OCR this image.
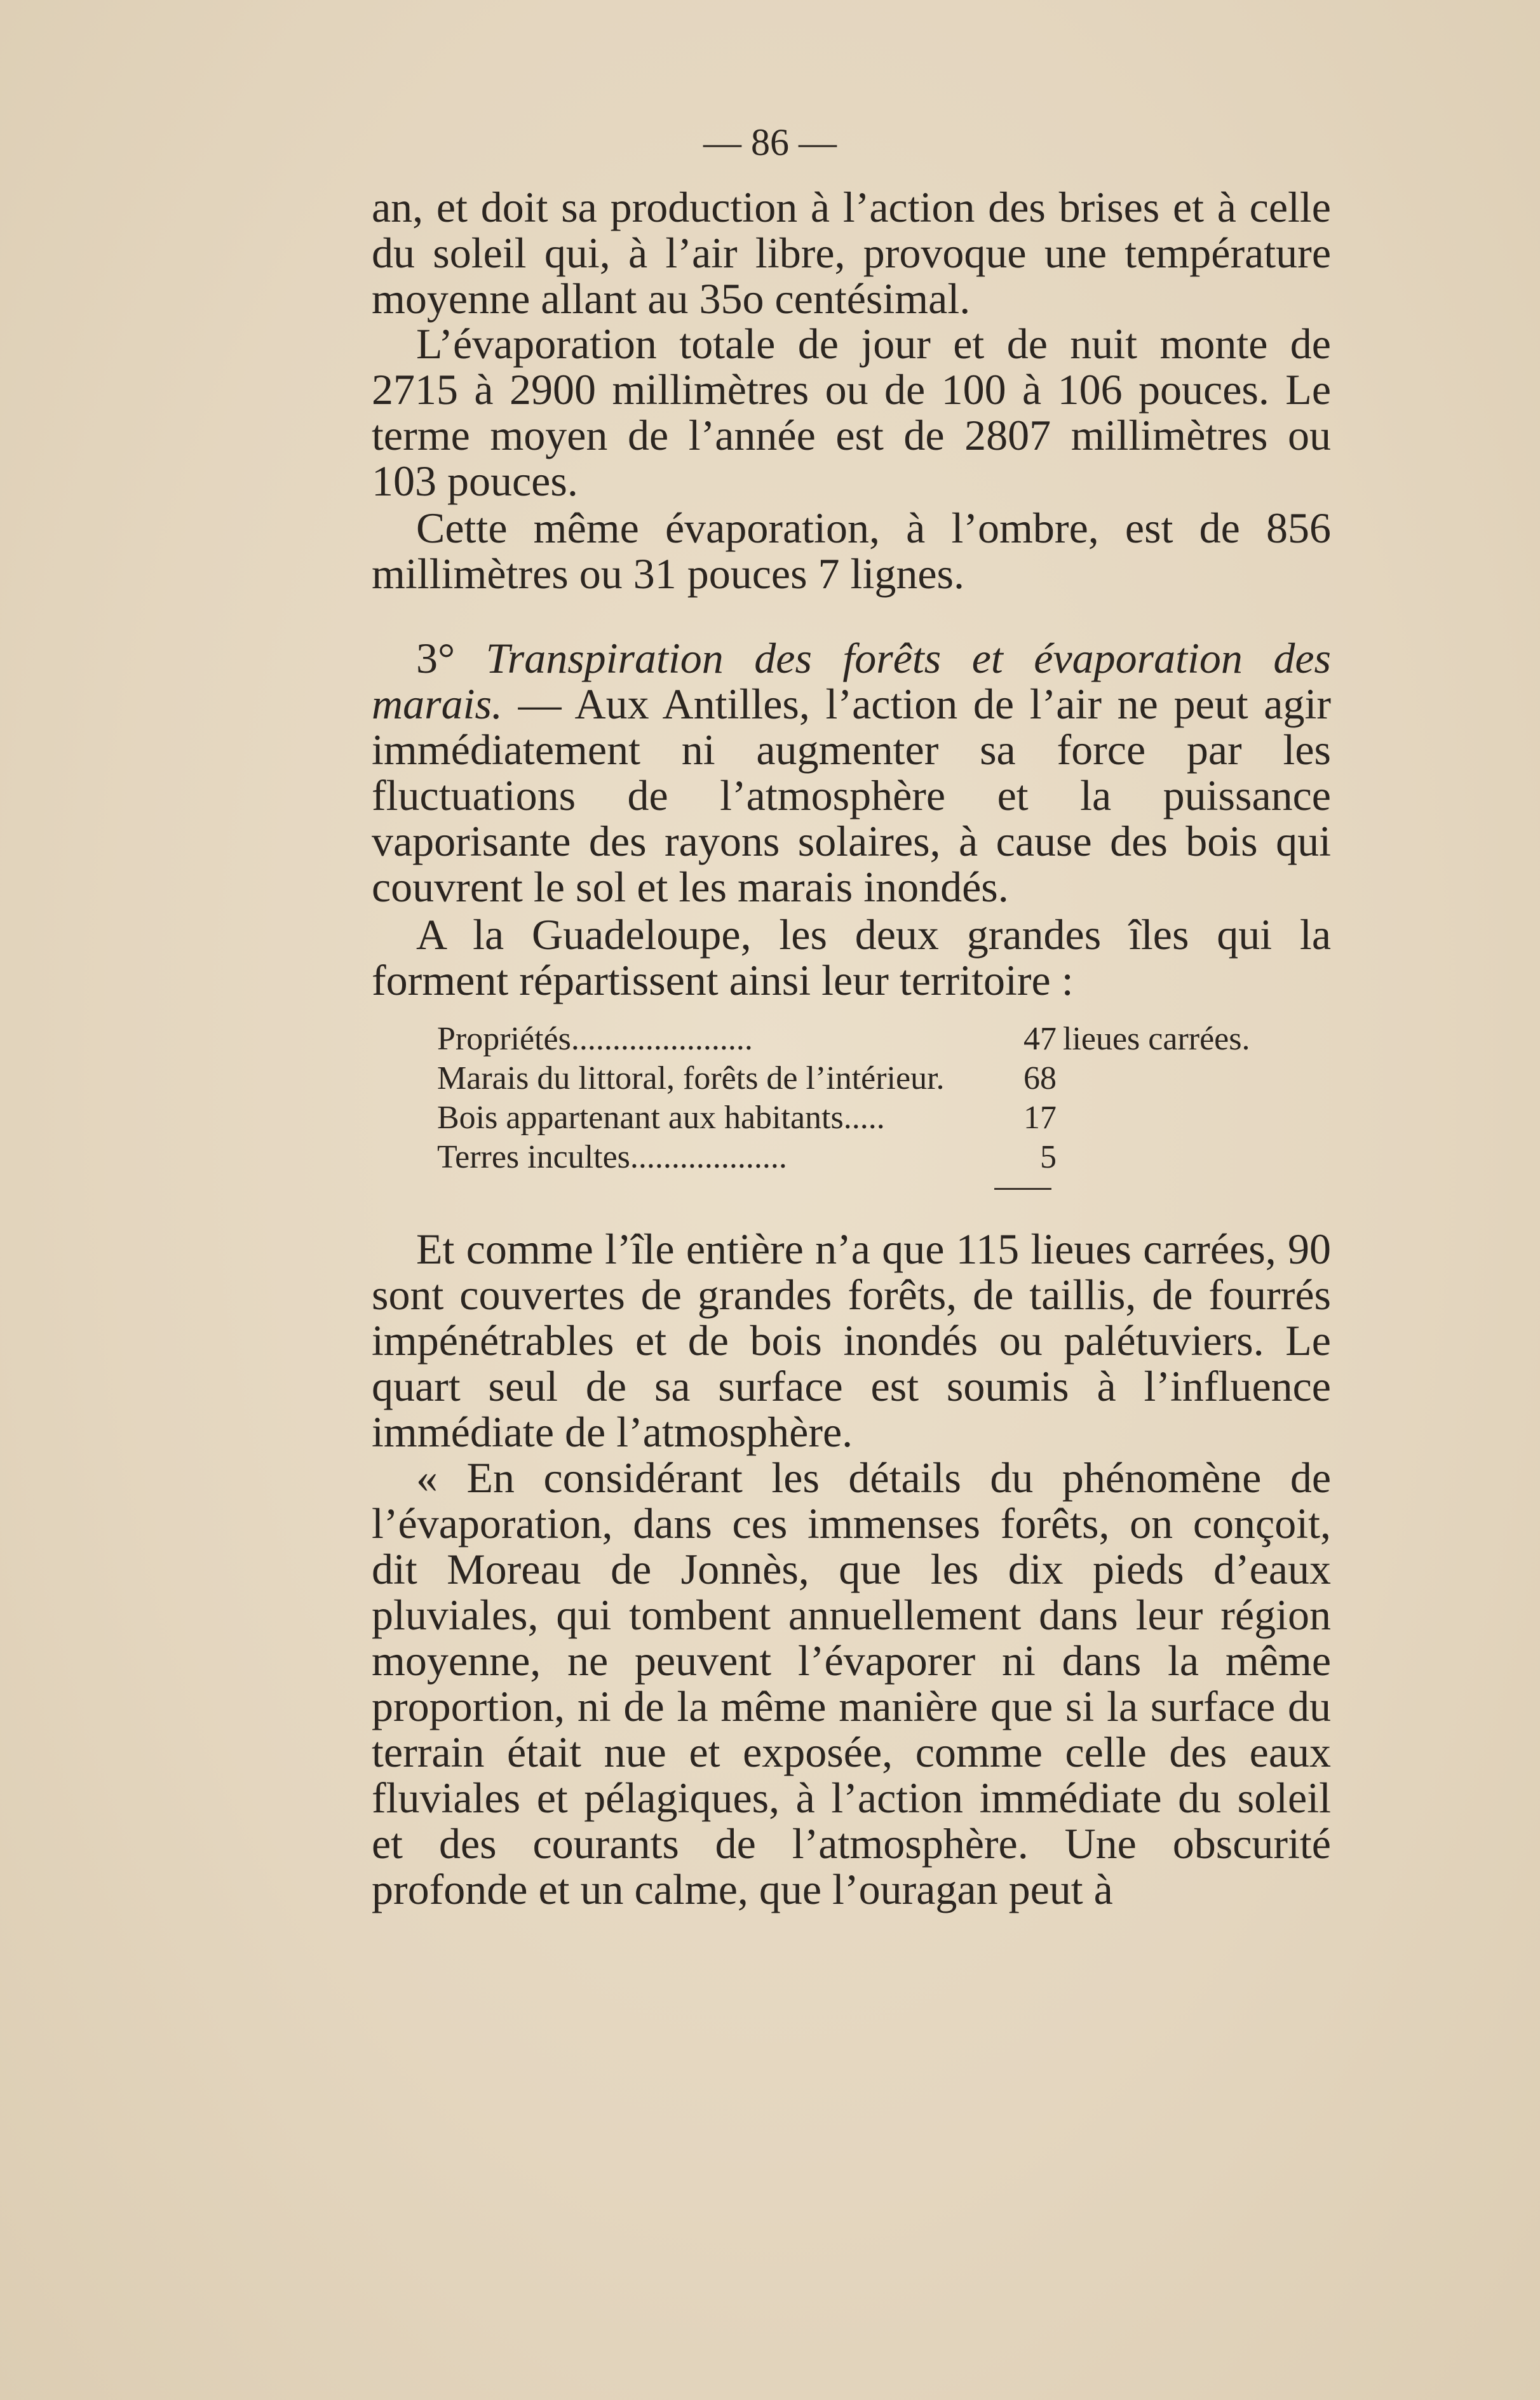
— 86 —

an, et doit sa production à l’action des brises et à celle du soleil qui, à l’air libre, provoque une température moyenne allant au 35o centésimal.

L’évaporation totale de jour et de nuit monte de 2715 à 2900 millimètres ou de 100 à 106 pouces. Le terme moyen de l’année est de 2807 millimètres ou 103 pouces.

Cette même évaporation, à l’ombre, est de 856 millimètres ou 31 pouces 7 lignes.

3° Transpiration des forêts et évaporation des marais. — Aux Antilles, l’action de l’air ne peut agir immédiatement ni augmenter sa force par les fluctuations de l’atmosphère et la puissance vaporisante des rayons solaires, à cause des bois qui couvrent le sol et les marais inondés.

A la Guadeloupe, les deux grandes îles qui la forment répartissent ainsi leur territoire :

Propriétés......................	47 lieues carrées.
Marais du littoral, forêts de l’intérieur.	68
Bois appartenant aux habitants.....	17
Terres incultes...................	5

Et comme l’île entière n’a que 115 lieues carrées, 90 sont couvertes de grandes forêts, de taillis, de fourrés impénétrables et de bois inondés ou palétuviers. Le quart seul de sa surface est soumis à l’influence immédiate de l’atmosphère.

« En considérant les détails du phénomène de l’évaporation, dans ces immenses forêts, on conçoit, dit Moreau de Jonnès, que les dix pieds d’eaux pluviales, qui tombent annuellement dans leur région moyenne, ne peuvent l’évaporer ni dans la même proportion, ni de la même manière que si la surface du terrain était nue et exposée, comme celle des eaux fluviales et pélagiques, à l’action immédiate du soleil et des courants de l’atmosphère. Une obscurité profonde et un calme, que l’ouragan peut à
